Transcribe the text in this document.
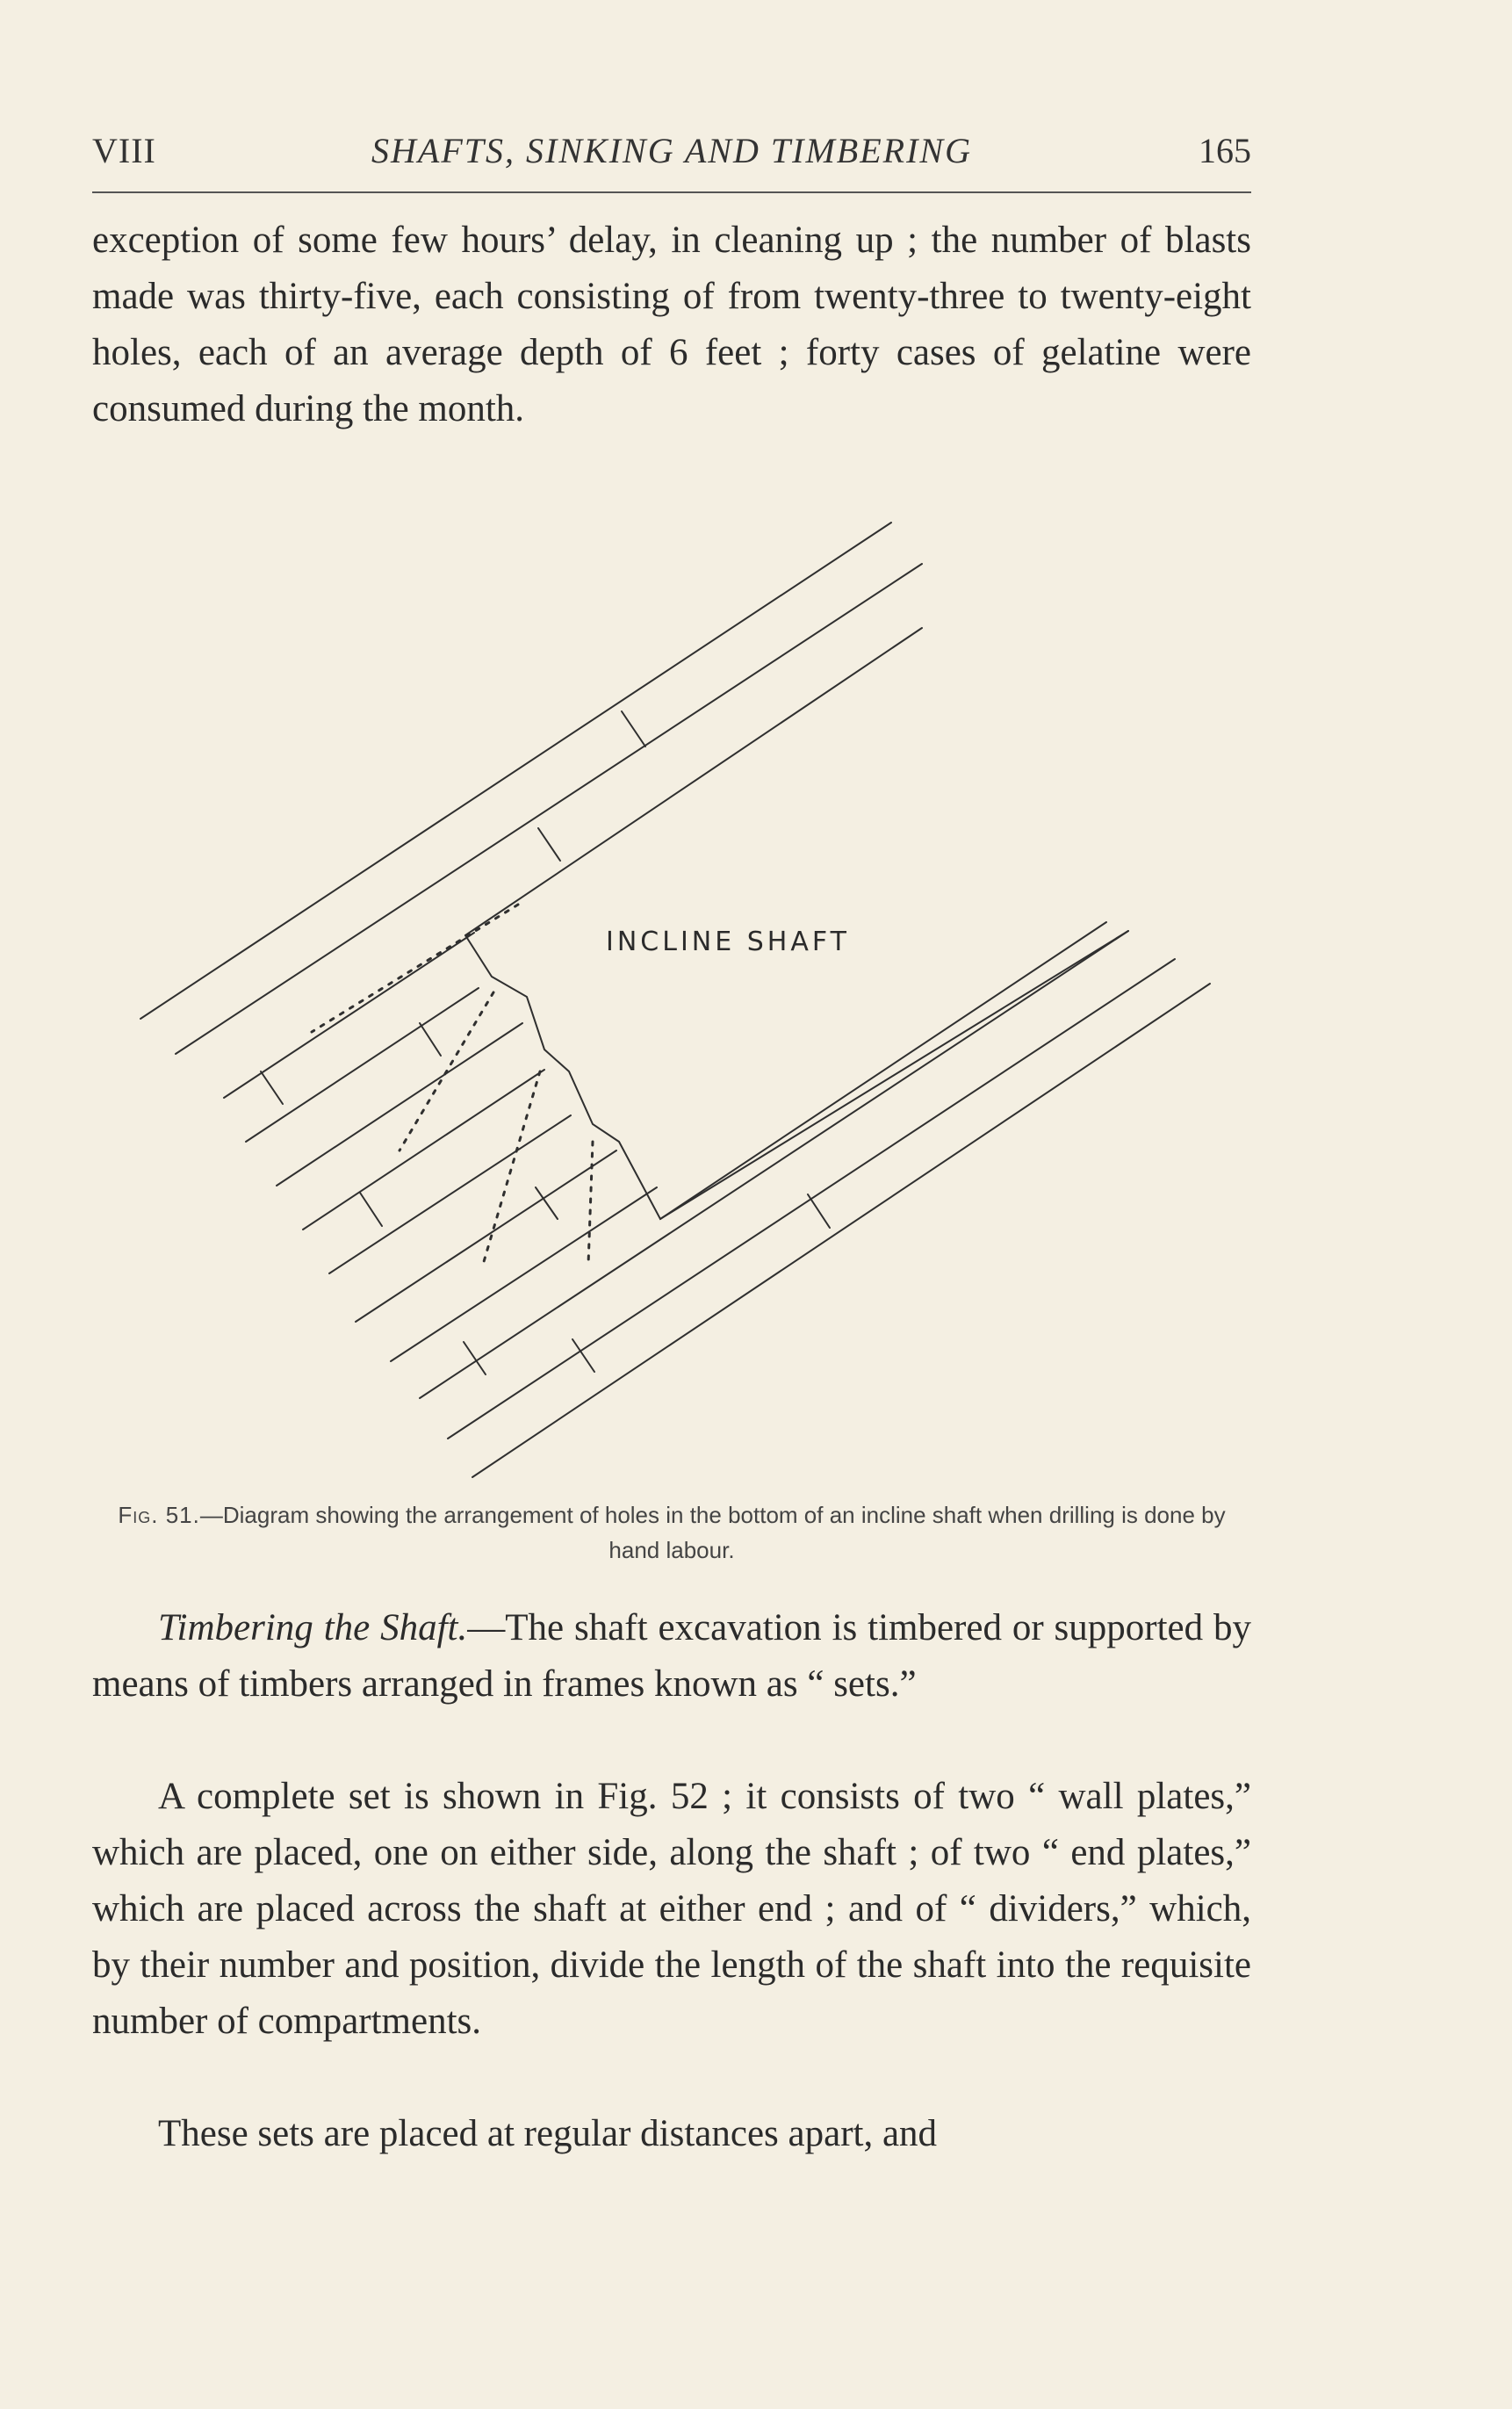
VIII	SHAFTS, SINKING AND TIMBERING	165

exception of some few hours’ delay, in cleaning up ; the number of blasts made was thirty-five, each consisting of from twenty-three to twenty-eight holes, each of an average depth of 6 feet ; forty cases of gelatine were consumed during the month.

INCLINE SHAFT
Fig. 51.—Diagram showing the arrangement of holes in the bottom of an incline shaft when drilling is done by hand labour.

Timbering the Shaft.—The shaft excavation is timbered or supported by means of timbers arranged in frames known as “ sets.”

A complete set is shown in Fig. 52 ; it consists of two “ wall plates,” which are placed, one on either side, along the shaft ; of two “ end plates,” which are placed across the shaft at either end ; and of “ dividers,” which, by their number and position, divide the length of the shaft into the requisite number of compartments.

These sets are placed at regular distances apart, and
